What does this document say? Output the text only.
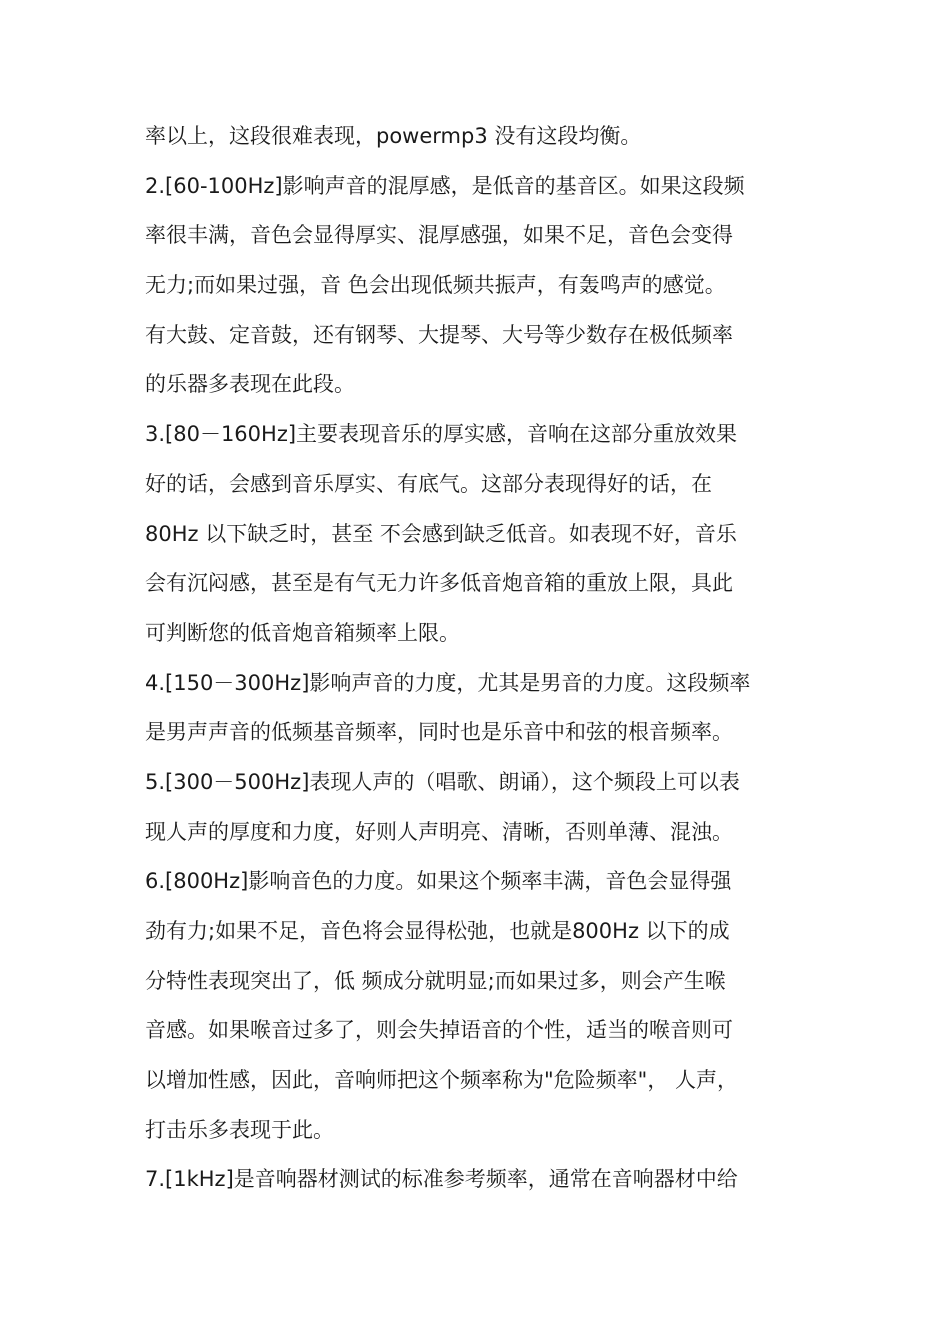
率以上，这段很难表现，powermp3 没有这段均衡。
2.[60-100Hz]影响声音的混厚感，是低音的基音区。如果这段频
率很丰满，音色会显得厚实、混厚感强，如果不足，音色会变得
无力;而如果过强，音 色会出现低频共振声，有轰鸣声的感觉。
有大鼓、定音鼓，还有钢琴、大提琴、大号等少数存在极低频率
的乐器多表现在此段。
3.[80－160Hz]主要表现音乐的厚实感，音响在这部分重放效果
好的话，会感到音乐厚实、有底气。这部分表现得好的话，在
80Hz 以下缺乏时，甚至 不会感到缺乏低音。如表现不好，音乐
会有沉闷感，甚至是有气无力许多低音炮音箱的重放上限，具此
可判断您的低音炮音箱频率上限。
4.[150－300Hz]影响声音的力度，尤其是男音的力度。这段频率
是男声声音的低频基音频率，同时也是乐音中和弦的根音频率。
5.[300－500Hz]表现人声的（唱歌、朗诵），这个频段上可以表
现人声的厚度和力度，好则人声明亮、清晰，否则单薄、混浊。
6.[800Hz]影响音色的力度。如果这个频率丰满，音色会显得强
劲有力;如果不足，音色将会显得松弛，也就是800Hz 以下的成
分特性表现突出了，低 频成分就明显;而如果过多，则会产生喉
音感。如果喉音过多了，则会失掉语音的个性，适当的喉音则可
以增加性感，因此，音响师把这个频率称为"危险频率"， 人声，
打击乐多表现于此。
7.[1kHz]是音响器材测试的标准参考频率，通常在音响器材中给
